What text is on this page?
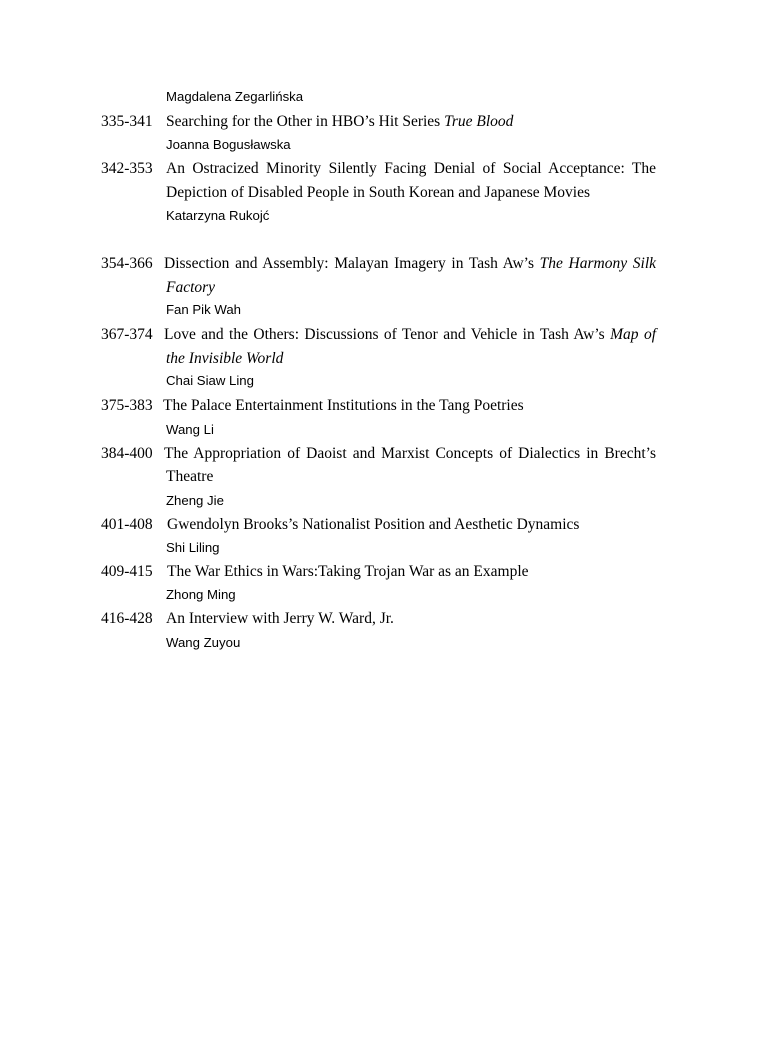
Magdalena Zegarlińska
335-341 Searching for the Other in HBO’s Hit Series True Blood
Joanna Bogusławska
342-353 An Ostracized Minority Silently Facing Denial of Social Acceptance: The
Depiction of Disabled People in South Korean and Japanese Movies
Katarzyna Rukojć
354-366 Dissection and Assembly: Malayan Imagery in Tash Aw’s The Harmony Silk
Factory
Fan Pik Wah
367-374 Love and the Others: Discussions of Tenor and Vehicle in Tash Aw’s Map of
the Invisible World
Chai Siaw Ling
375-383 The Palace Entertainment Institutions in the Tang Poetries
Wang Li
384-400 The Appropriation of Daoist and Marxist Concepts of Dialectics in Brecht’s
Theatre
Zheng Jie
401-408 Gwendolyn Brooks’s Nationalist Position and Aesthetic Dynamics
Shi Liling
409-415 The War Ethics in Wars:Taking Trojan War as an Example
Zhong Ming
416-428 An Interview with Jerry W. Ward, Jr.
Wang Zuyou
